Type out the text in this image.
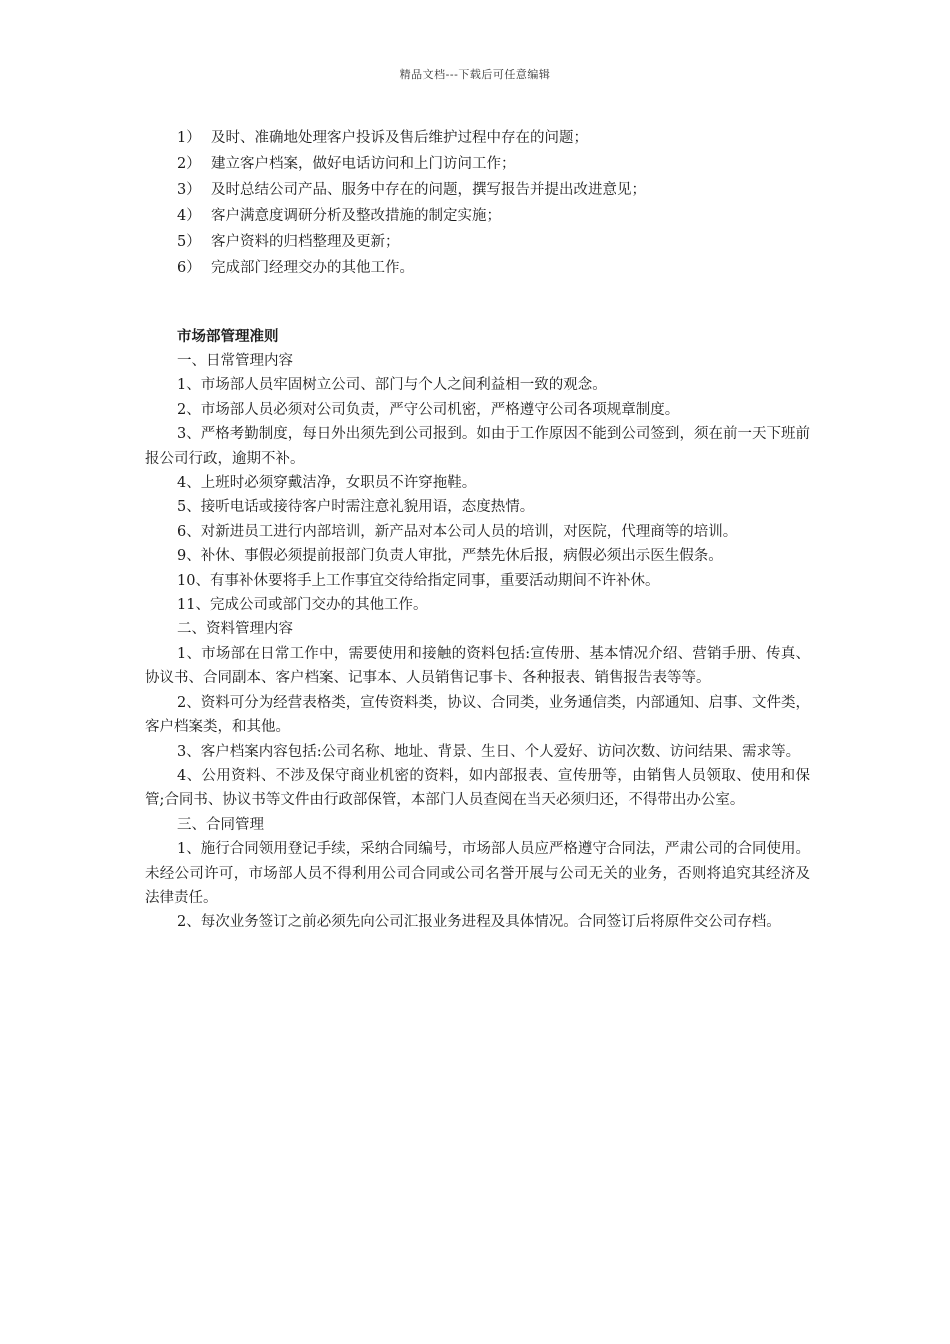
精品文档---下载后可任意编辑
1） 及时、准确地处理客户投诉及售后维护过程中存在的问题；
2） 建立客户档案，做好电话访问和上门访问工作；
3） 及时总结公司产品、服务中存在的问题，撰写报告并提出改进意见；
4） 客户满意度调研分析及整改措施的制定实施；
5） 客户资料的归档整理及更新；
6） 完成部门经理交办的其他工作。
市场部管理准则

一、日常管理内容

1、市场部人员牢固树立公司、部门与个人之间利益相一致的观念。

2、市场部人员必须对公司负责，严守公司机密，严格遵守公司各项规章制度。

3、严格考勤制度，每日外出须先到公司报到。如由于工作原因不能到公司签到，须在前一天下班前报公司行政，逾期不补。

4、上班时必须穿戴洁净，女职员不许穿拖鞋。

5、接听电话或接待客户时需注意礼貌用语，态度热情。

6、对新进员工进行内部培训，新产品对本公司人员的培训，对医院，代理商等的培训。

9、补休、事假必须提前报部门负责人审批，严禁先休后报，病假必须出示医生假条。

10、有事补休要将手上工作事宜交待给指定同事，重要活动期间不许补休。

11、完成公司或部门交办的其他工作。

二、资料管理内容

1、市场部在日常工作中，需要使用和接触的资料包括:宣传册、基本情况介绍、营销手册、传真、协议书、合同副本、客户档案、记事本、人员销售记事卡、各种报表、销售报告表等等。

2、资料可分为经营表格类，宣传资料类，协议、合同类，业务通信类，内部通知、启事、文件类，客户档案类，和其他。

3、客户档案内容包括:公司名称、地址、背景、生日、个人爱好、访问次数、访问结果、需求等。

4、公用资料、不涉及保守商业机密的资料，如内部报表、宣传册等，由销售人员领取、使用和保管;合同书、协议书等文件由行政部保管，本部门人员查阅在当天必须归还，不得带出办公室。

三、合同管理

1、施行合同领用登记手续，采纳合同编号，市场部人员应严格遵守合同法，严肃公司的合同使用。未经公司许可，市场部人员不得利用公司合同或公司名誉开展与公司无关的业务，否则将追究其经济及法律责任。

2、每次业务签订之前必须先向公司汇报业务进程及具体情况。合同签订后将原件交公司存档。
